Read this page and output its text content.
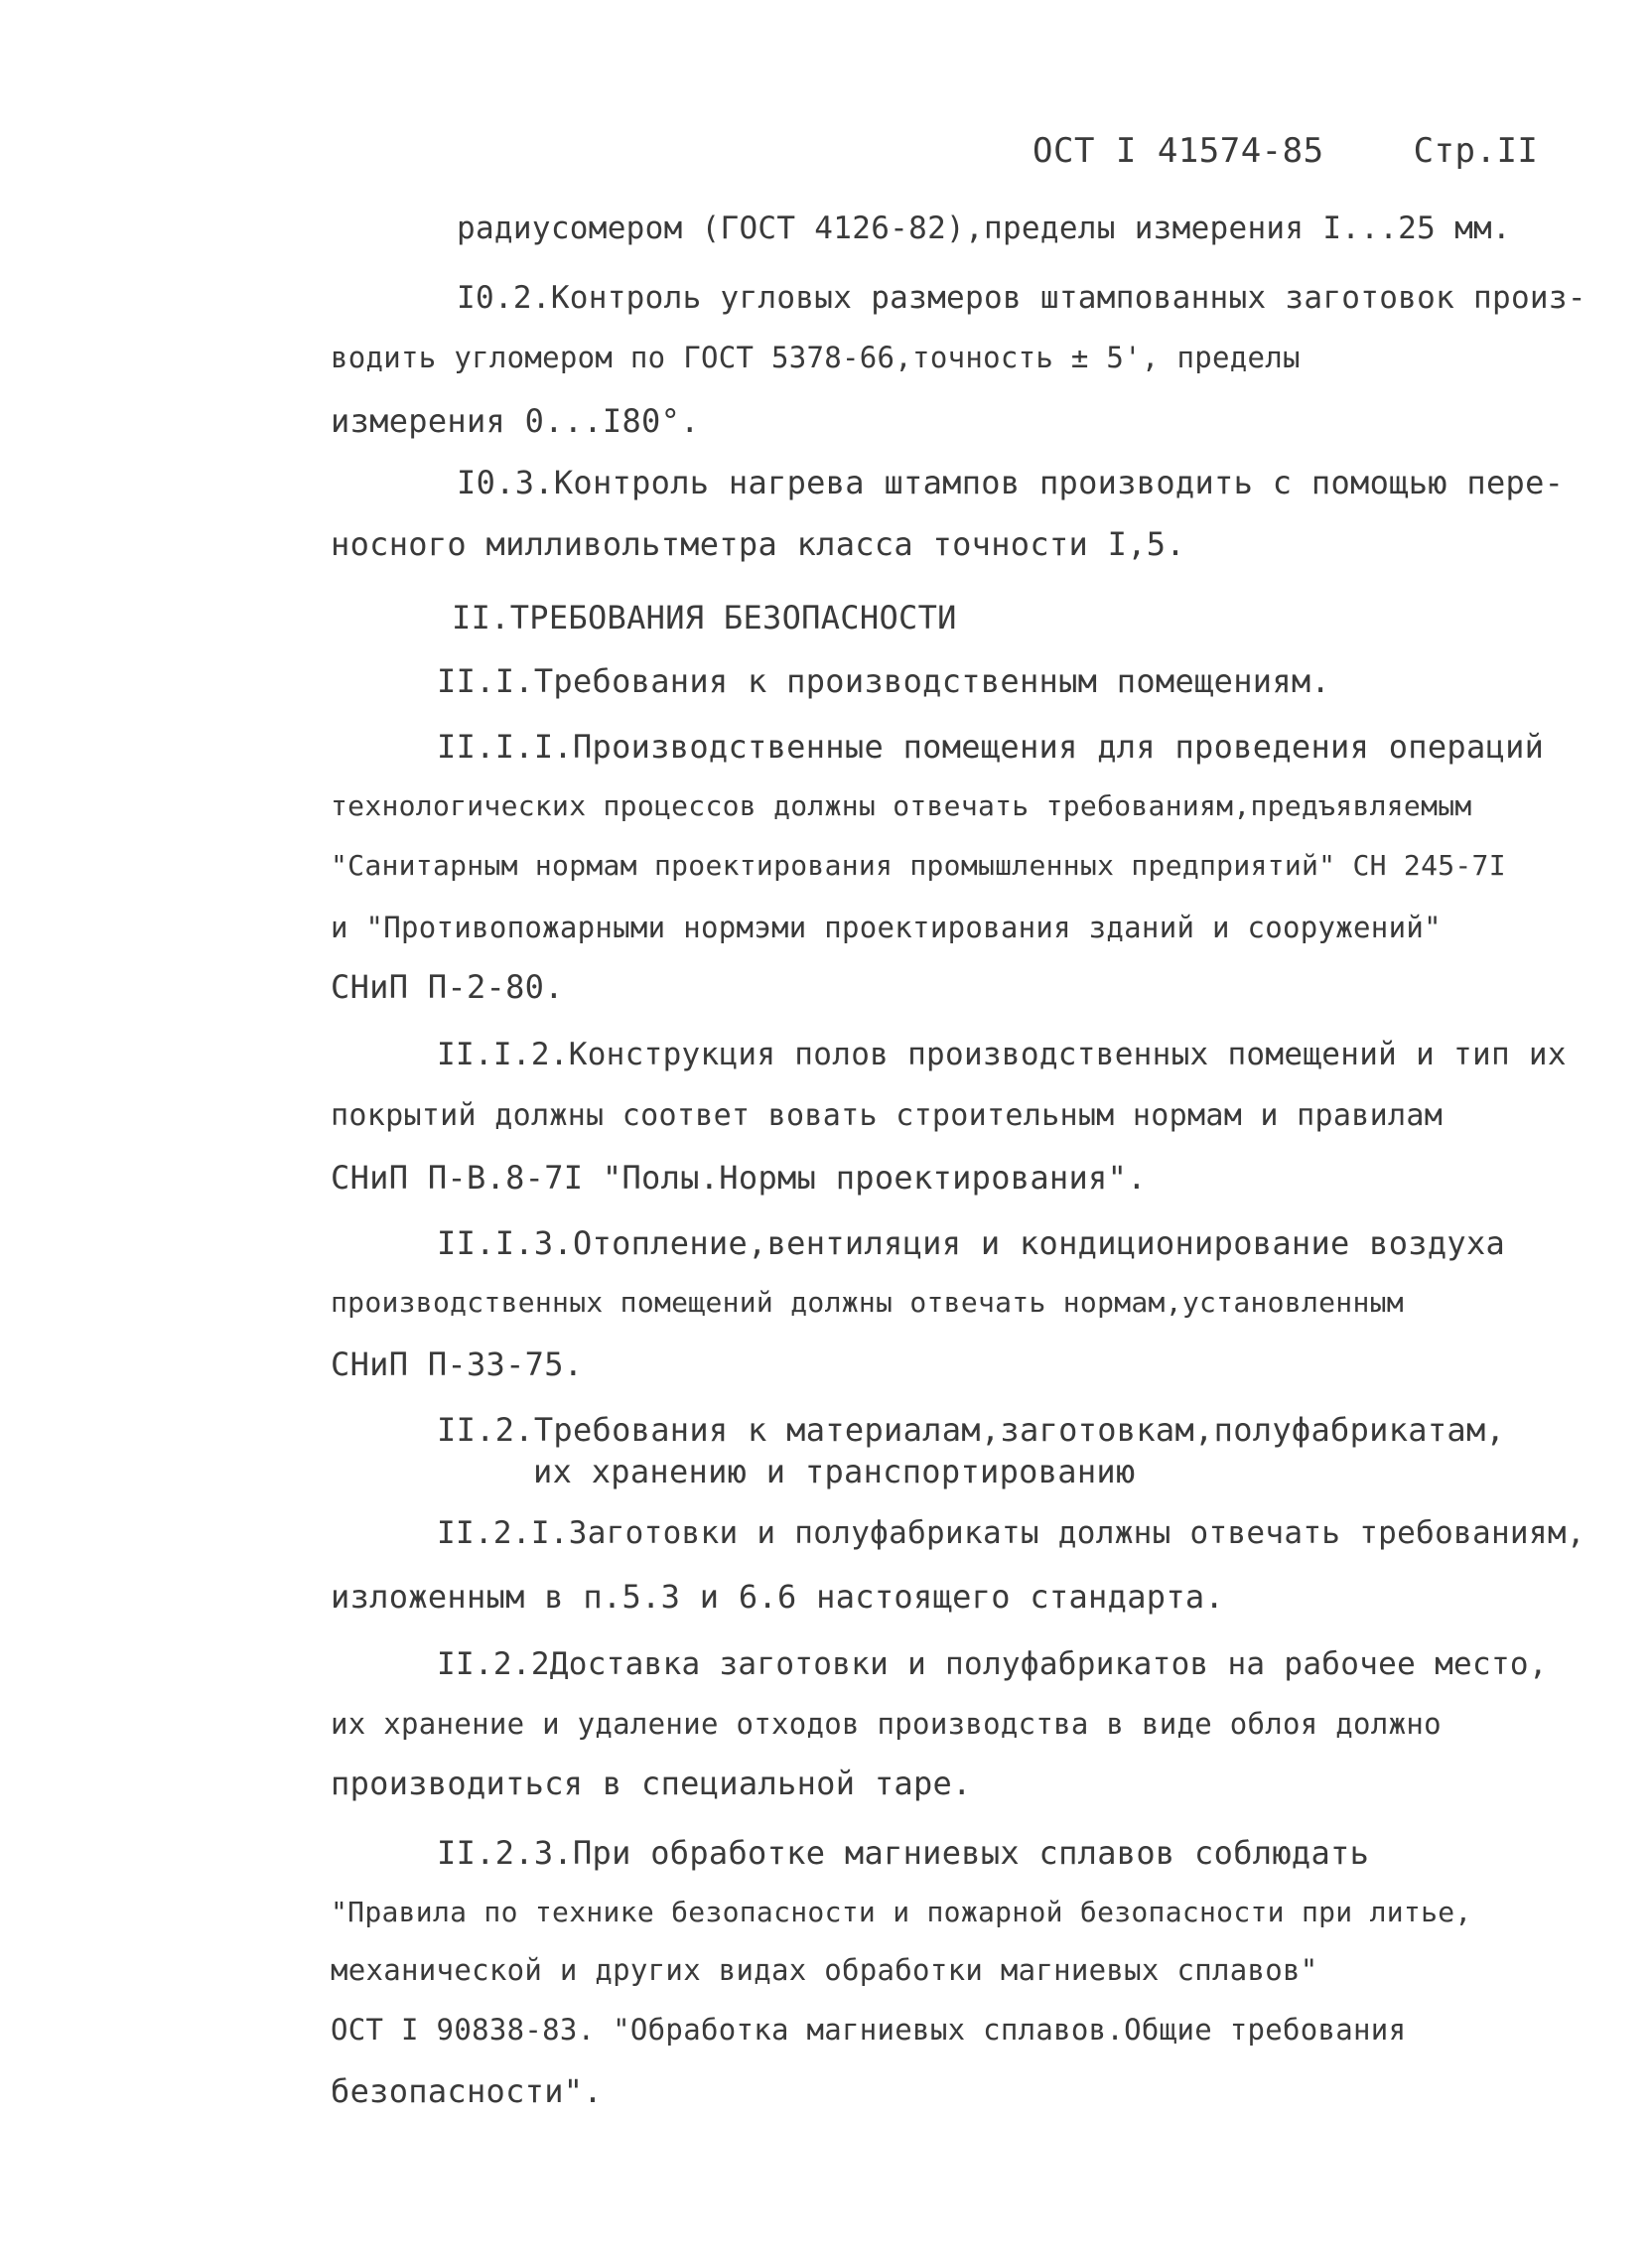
ОСТ I 41574-85	Стр.II
радиусомером (ГОСТ 4126-82),пределы измерения I...25 мм.
I0.2.Контроль угловых размеров штампованных заготовок произ-
водить угломером по ГОСТ 5378-66,точность ± 5', пределы
измерения 0...I80°.
I0.3.Контроль нагрева штампов производить с помощью пере-
носного милливольтметра класса точности I,5.
II.ТРЕБОВАНИЯ БЕЗОПАСНОСТИ
II.I.Требования к производственным помещениям.
II.I.I.Производственные помещения для проведения операций
технологических процессов должны отвечать требованиям,предъявляемым
"Санитарным нормам проектирования промышленных предприятий" СН 245-7I
и "Противопожарными нормэми проектирования зданий и сооружений"
СНиП П-2-80.
II.I.2.Конструкция полов производственных помещений и тип их
покрытий должны соответ вовать строительным нормам и правилам
СНиП П-В.8-7I "Полы.Нормы проектирования".
II.I.3.Отопление,вентиляция и кондиционирование воздуха
производственных помещений должны отвечать нормам,установленным
СНиП П-33-75.
II.2.Требования к материалам,заготовкам,полуфабрикатам,
их хранению и транспортированию
II.2.I.Заготовки и полуфабрикаты должны отвечать требованиям,
изложенным в п.5.3 и 6.6 настоящего стандарта.
II.2.2Доставка заготовки и полуфабрикатов на рабочее место,
их хранение и удаление отходов производства в виде облоя должно
производиться в специальной таре.
II.2.3.При обработке магниевых сплавов соблюдать
"Правила по технике безопасности и пожарной безопасности при литье,
механической и других видах обработки магниевых сплавов"
ОСТ I 90838-83. "Обработка магниевых сплавов.Общие требования
безопасности".
